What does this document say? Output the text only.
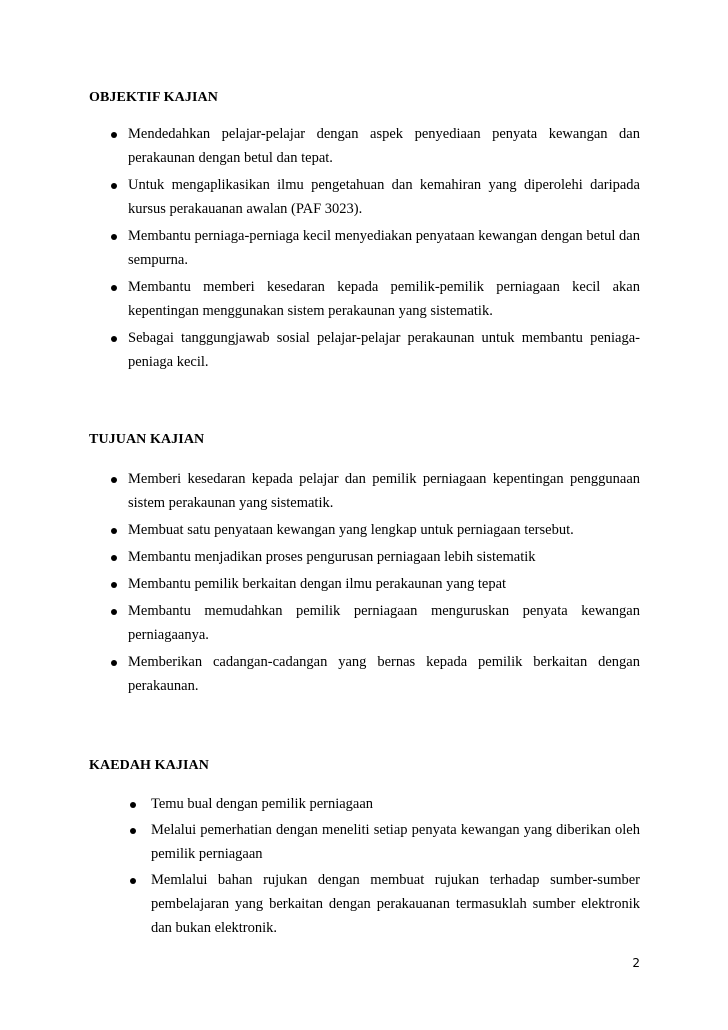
OBJEKTIF KAJIAN
Mendedahkan pelajar-pelajar dengan aspek penyediaan penyata kewangan dan perakaunan dengan betul dan tepat.
Untuk mengaplikasikan ilmu pengetahuan dan kemahiran yang diperolehi daripada kursus perakauanan awalan (PAF 3023).
Membantu perniaga-perniaga kecil menyediakan penyataan kewangan dengan betul dan sempurna.
Membantu memberi kesedaran kepada pemilik-pemilik perniagaan kecil akan kepentingan menggunakan sistem perakaunan yang sistematik.
Sebagai tanggungjawab sosial pelajar-pelajar perakaunan untuk membantu peniaga-peniaga kecil.
TUJUAN KAJIAN
Memberi kesedaran kepada pelajar dan pemilik perniagaan kepentingan penggunaan sistem perakaunan yang sistematik.
Membuat satu penyataan kewangan yang lengkap untuk perniagaan tersebut.
Membantu menjadikan proses pengurusan perniagaan lebih sistematik
Membantu pemilik berkaitan dengan ilmu perakaunan yang tepat
Membantu memudahkan pemilik perniagaan menguruskan penyata kewangan perniagaanya.
Memberikan cadangan-cadangan yang bernas kepada pemilik berkaitan dengan perakaunan.
KAEDAH KAJIAN
Temu bual dengan pemilik perniagaan
Melalui pemerhatian dengan meneliti setiap penyata kewangan yang diberikan oleh pemilik perniagaan
Memlalui bahan rujukan dengan membuat rujukan terhadap sumber-sumber pembelajaran yang berkaitan dengan perakauanan termasuklah sumber elektronik dan bukan elektronik.
2
